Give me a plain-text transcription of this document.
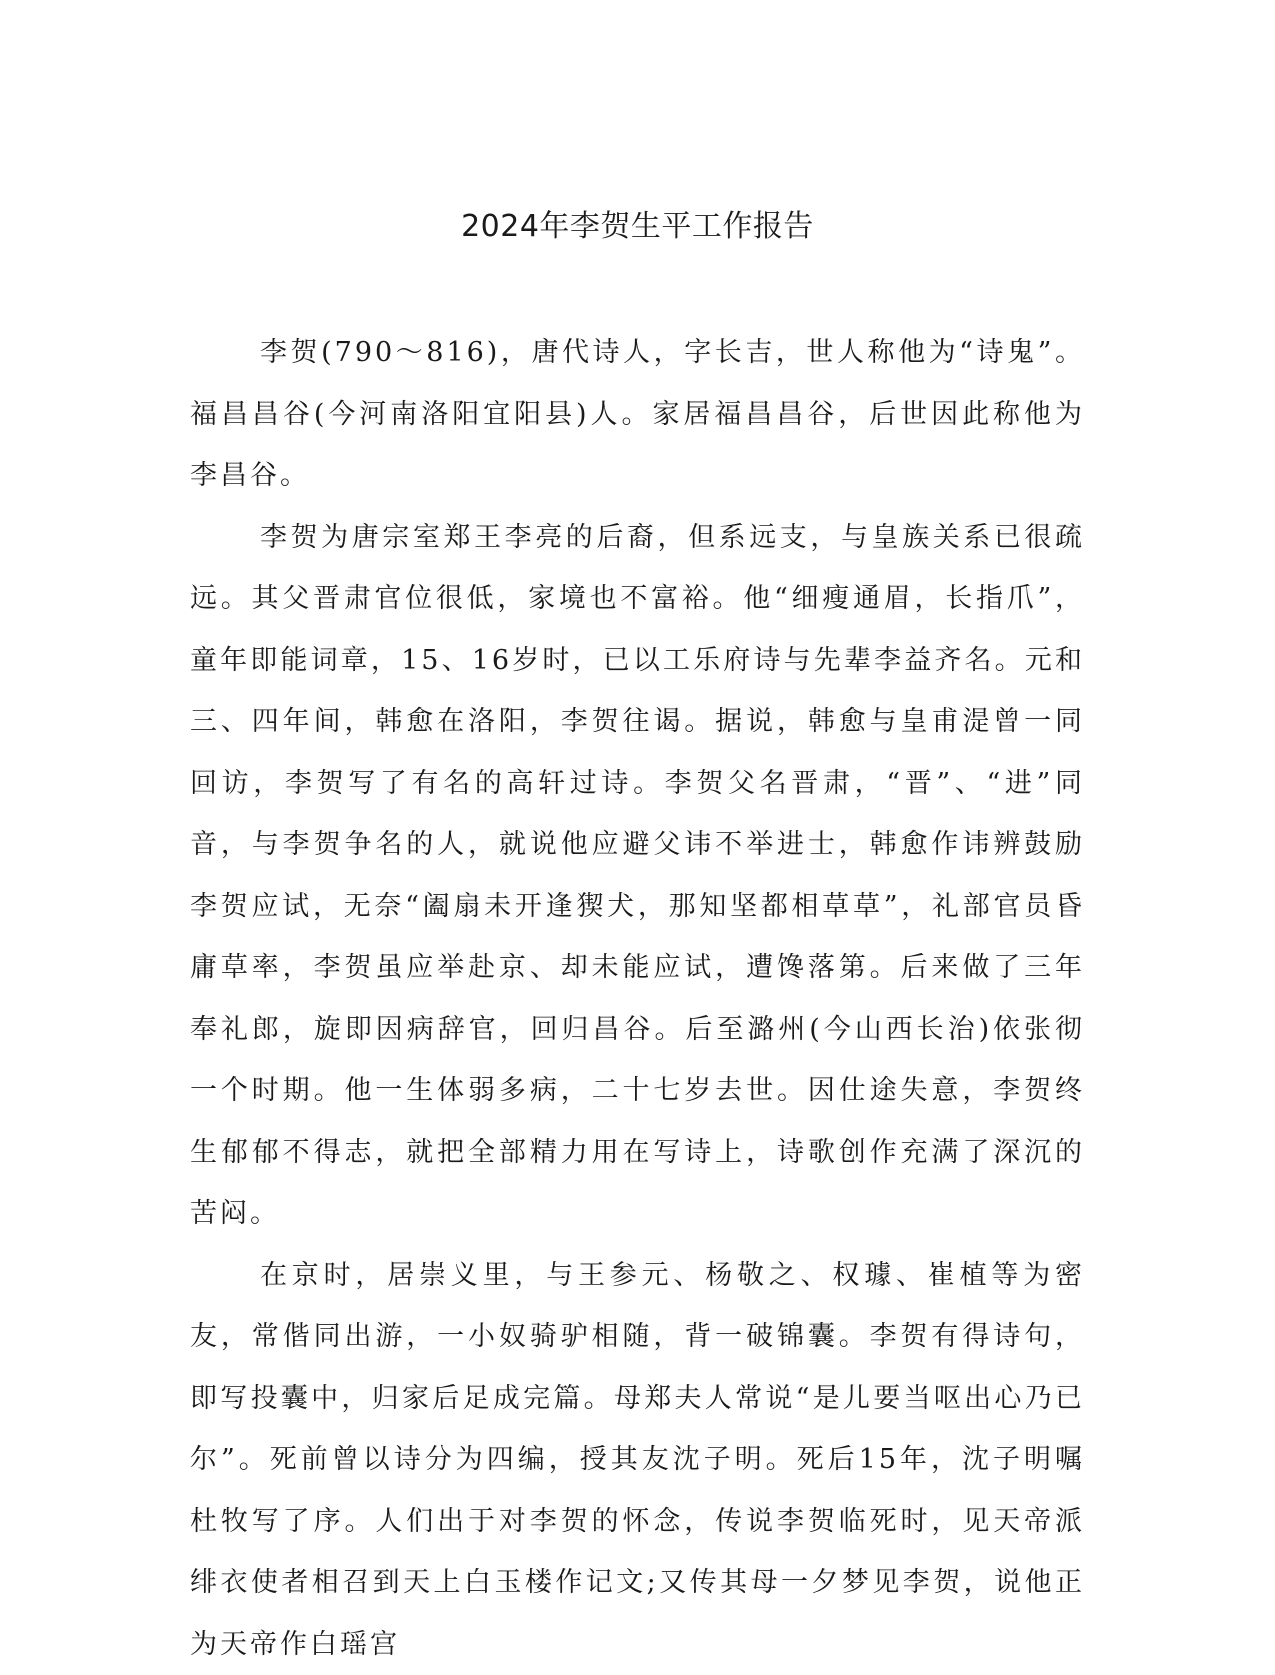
2024年李贺生平工作报告

李贺(790～816)，唐代诗人，字长吉，世人称他为“诗鬼”。福昌昌谷(今河南洛阳宜阳县)人。家居福昌昌谷，后世因此称他为李昌谷。

李贺为唐宗室郑王李亮的后裔，但系远支，与皇族关系已很疏远。其父晋肃官位很低，家境也不富裕。他“细瘦通眉，长指爪”，童年即能词章，15、16岁时，已以工乐府诗与先辈李益齐名。元和三、四年间，韩愈在洛阳，李贺往谒。据说，韩愈与皇甫湜曾一同回访，李贺写了有名的高轩过诗。李贺父名晋肃，“晋”、“进”同音，与李贺争名的人，就说他应避父讳不举进士，韩愈作讳辨鼓励李贺应试，无奈“阖扇未开逢猰犬，那知坚都相草草”，礼部官员昏庸草率，李贺虽应举赴京、却未能应试，遭馋落第。后来做了三年奉礼郎，旋即因病辞官，回归昌谷。后至潞州(今山西长治)依张彻一个时期。他一生体弱多病，二十七岁去世。因仕途失意，李贺终生郁郁不得志，就把全部精力用在写诗上，诗歌创作充满了深沉的苦闷。

在京时，居崇义里，与王参元、杨敬之、权璩、崔植等为密友，常偕同出游，一小奴骑驴相随，背一破锦囊。李贺有得诗句，即写投囊中，归家后足成完篇。母郑夫人常说“是儿要当呕出心乃已尔”。死前曾以诗分为四编，授其友沈子明。死后15年，沈子明嘱杜牧写了序。人们出于对李贺的怀念，传说李贺临死时，见天帝派绯衣使者相召到天上白玉楼作记文;又传其母一夕梦见李贺，说他正为天帝作白瑶宫
